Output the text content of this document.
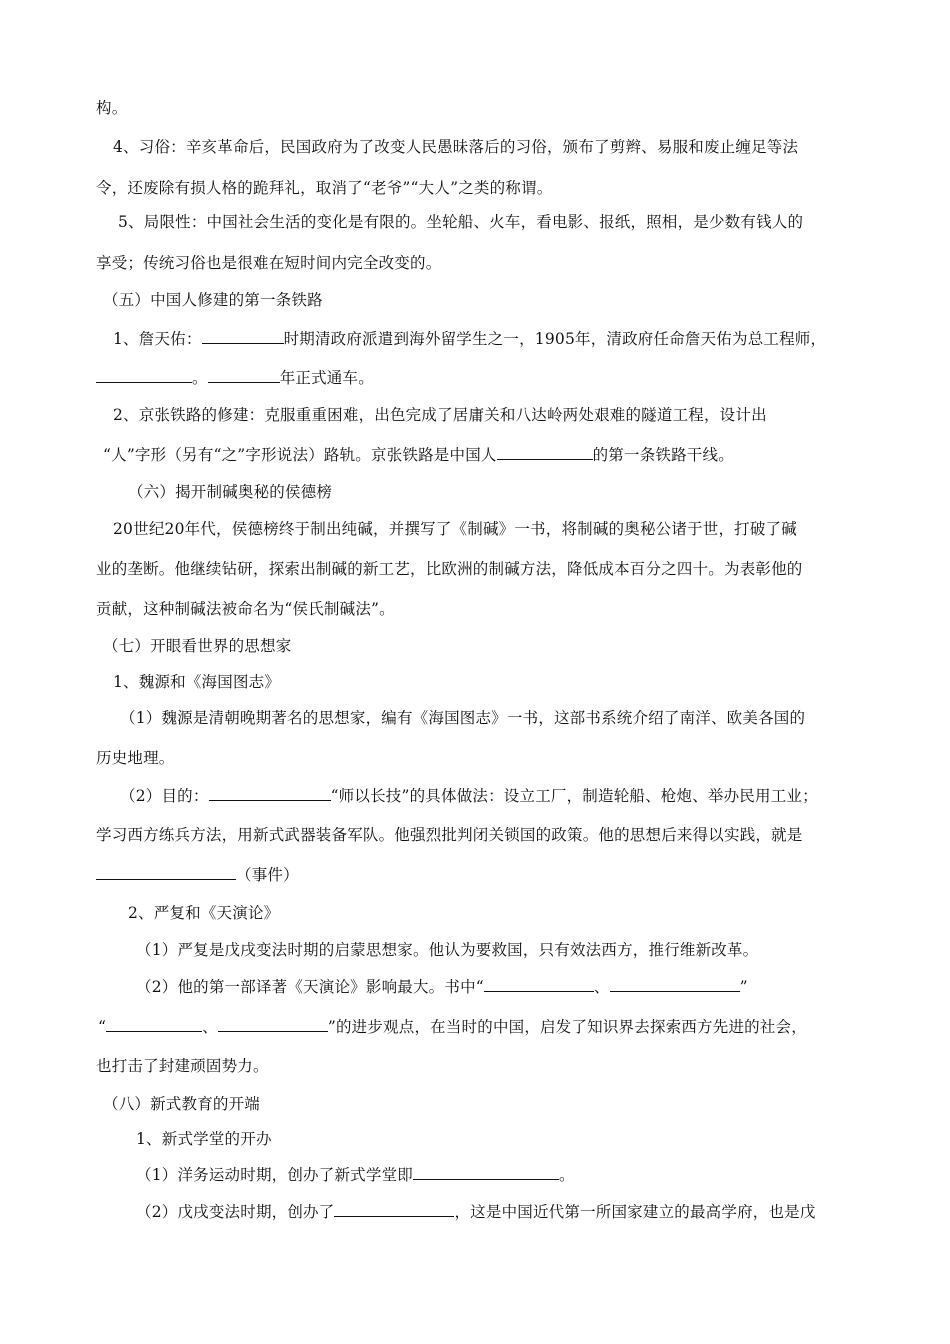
构。
4、习俗：辛亥革命后，民国政府为了改变人民愚昧落后的习俗，颁布了剪辫、易服和废止缠足等法
令，还废除有损人格的跪拜礼，取消了“老爷”“大人”之类的称谓。
5、局限性：中国社会生活的变化是有限的。坐轮船、火车，看电影、报纸，照相，是少数有钱人的
享受；传统习俗也是很难在短时间内完全改变的。
（五）中国人修建的第一条铁路
1、詹天佑：	时期清政府派遣到海外留学生之一，1905年，清政府任命詹天佑为总工程师，
。	年正式通车。
2、京张铁路的修建：克服重重困难，出色完成了居庸关和八达岭两处艰难的隧道工程，设计出
“人”字形（另有“之”字形说法）路轨。京张铁路是中国人	的第一条铁路干线。
（六）揭开制碱奥秘的侯德榜
20世纪20年代，侯德榜终于制出纯碱，并撰写了《制碱》一书，将制碱的奥秘公诸于世，打破了碱
业的垄断。他继续钻研，探索出制碱的新工艺，比欧洲的制碱方法，降低成本百分之四十。为表彰他的
贡献，这种制碱法被命名为“侯氏制碱法”。
（七）开眼看世界的思想家
1、魏源和《海国图志》
（1）魏源是清朝晚期著名的思想家，编有《海国图志》一书，这部书系统介绍了南洋、欧美各国的
历史地理。
（2）目的：	“师以长技”的具体做法：设立工厂，制造轮船、枪炮、举办民用工业；
学习西方练兵方法，用新式武器装备军队。他强烈批判闭关锁国的政策。他的思想后来得以实践，就是
（事件）
2、严复和《天演论》
（1）严复是戊戌变法时期的启蒙思想家。他认为要救国，只有效法西方，推行维新改革。
（2）他的第一部译著《天演论》影响最大。书中“	、	”
“	、	”的进步观点，在当时的中国，启发了知识界去探索西方先进的社会，
也打击了封建顽固势力。
（八）新式教育的开端
1、新式学堂的开办
（1）洋务运动时期，创办了新式学堂即	。
（2）戊戌变法时期，创办了	，这是中国近代第一所国家建立的最高学府，也是戊
